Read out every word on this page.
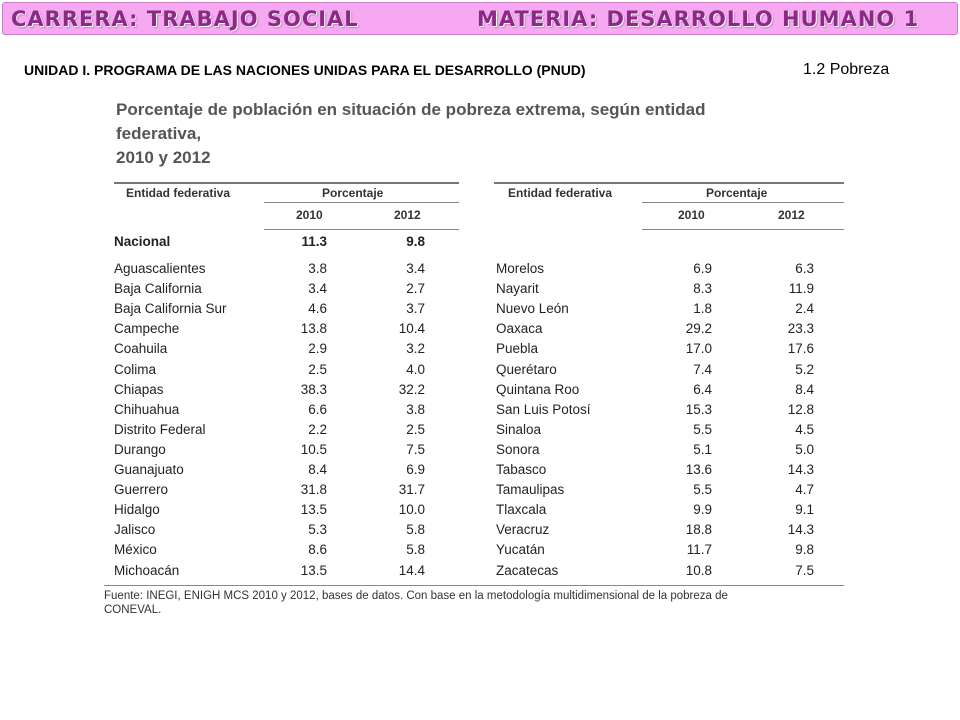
CARRERA: TRABAJO SOCIAL	MATERIA: DESARROLLO HUMANO 1
UNIDAD I. PROGRAMA DE LAS NACIONES UNIDAS PARA EL DESARROLLO (PNUD)	1.2 Pobreza
Porcentaje de población en situación de pobreza extrema, según entidad
federativa,
2010 y 2012
Entidad federativa	Porcentaje
2010	2012
Nacional	11.3	9.8
Aguascalientes	3.8	3.4
Baja California	3.4	2.7
Baja California Sur	4.6	3.7
Campeche	13.8	10.4
Coahuila	2.9	3.2
Colima	2.5	4.0
Chiapas	38.3	32.2
Chihuahua	6.6	3.8
Distrito Federal	2.2	2.5
Durango	10.5	7.5
Guanajuato	8.4	6.9
Guerrero	31.8	31.7
Hidalgo	13.5	10.0
Jalisco	5.3	5.8
México	8.6	5.8
Michoacán	13.5	14.4
Entidad federativa	Porcentaje
2010	2012
Morelos	6.9	6.3
Nayarit	8.3	11.9
Nuevo León	1.8	2.4
Oaxaca	29.2	23.3
Puebla	17.0	17.6
Querétaro	7.4	5.2
Quintana Roo	6.4	8.4
San Luis Potosí	15.3	12.8
Sinaloa	5.5	4.5
Sonora	5.1	5.0
Tabasco	13.6	14.3
Tamaulipas	5.5	4.7
Tlaxcala	9.9	9.1
Veracruz	18.8	14.3
Yucatán	11.7	9.8
Zacatecas	10.8	7.5
Fuente: INEGI, ENIGH MCS 2010 y 2012, bases de datos. Con base en la metodología multidimensional de la pobreza de
CONEVAL.
